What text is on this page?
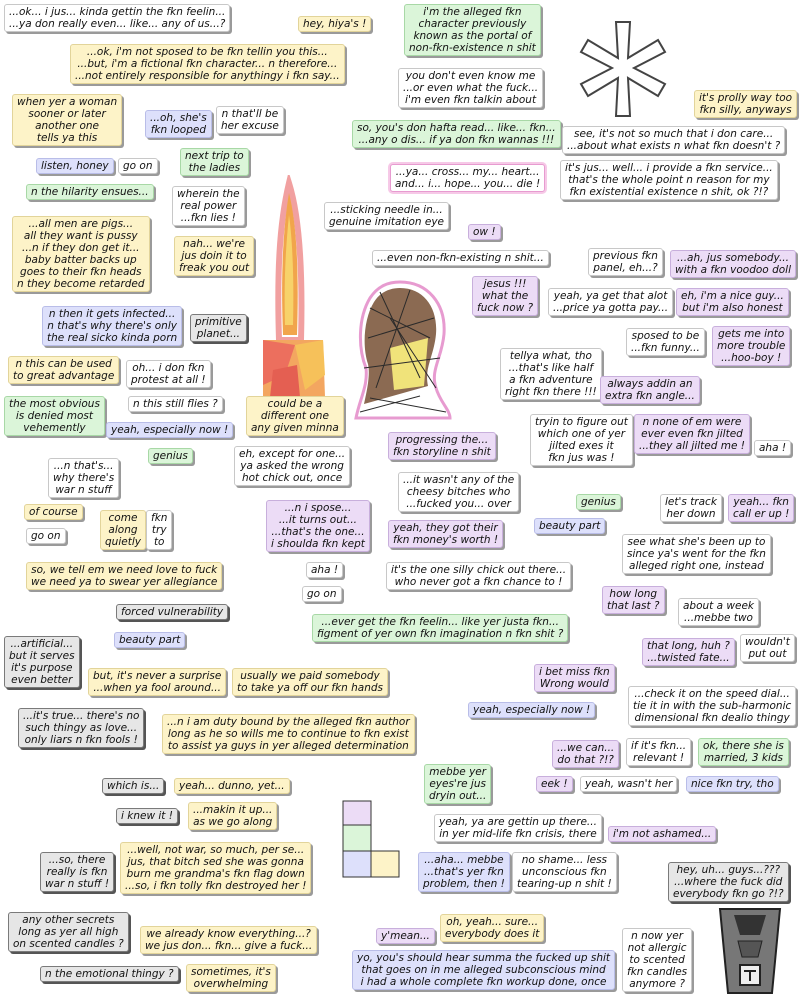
...ok... i jus... kinda gettin the fkn feelin...
...ya don really even... like... any of us...?	hey, hiya's !
...ok, i'm not sposed to be fkn tellin you this...
...but, i'm a fictional fkn character... n therefore...
...not entirely responsible for anythingy i fkn say...
i'm the alleged fkn
character previously
known as the portal of
non-fkn-existence n shit
you don't even know me
...or even what the fuck...
i'm even fkn talkin about
so, you's don hafta read... like... fkn...
...any o dis... if ya don fkn wannas !!!
it's prolly way too
fkn silly, anyways
see, it's not so much that i don care...
...about what exists n what fkn doesn't ?
it's jus... well... i provide a fkn service...
that's the whole point n reason for my
fkn existential existence n shit, ok ?!?
when yer a woman
sooner or later
another one
tells ya this
...oh, she's
fkn looped
n that'll be
her excuse
listen, honey	go on
next trip to
the ladies
n the hilarity ensues...	wherein the
real power
...fkn lies !
...ya... cross... my... heart...
and... i... hope... you... die !
...all men are pigs...
all they want is pussy
...n if they don get it...
baby batter backs up
goes to their fkn heads
n they become retarded
nah... we're
jus doin it to
freak you out
...sticking needle in...
genuine imitation eye
ow !
...even non-fkn-existing n shit...	previous fkn
panel, eh...?
...ah, jus somebody...
with a fkn voodoo doll
jesus !!!
what the
fuck now ?
yeah, ya get that alot
...price ya gotta pay...
eh, i'm a nice guy...
but i'm also honest
n then it gets infected...
n that's why there's only
the real sicko kinda porn
primitive
planet...	sposed to be
...fkn funny...
gets me into
more trouble
...hoo-boy !
n this can be used
to great advantage
oh... i don fkn
protest at all !
tellya what, tho
...that's like half
a fkn adventure
right fkn there !!!
always addin an
extra fkn angle...
the most obvious
is denied most
vehemently
n this still flies ?	could be a
different one
any given minna
yeah, especially now !
progressing the...
fkn storyline n shit
tryin to figure out
which one of yer
jilted exes it
fkn jus was !
n none of em were
ever even fkn jilted
...they all jilted me !	aha !
genius	eh, except for one...
ya asked the wrong
hot chick out, once
...n that's...
why there's
war n stuff
...it wasn't any of the
cheesy bitches who
...fucked you... over	genius	let's track
her down
yeah... fkn
call er up !
of course	come
along
quietly
fkn
try
to
...n i spose...
...it turns out...
...that's the one...
i shoulda fkn kept
beauty part
go on
yeah, they got their
fkn money's worth !	see what she's been up to
since ya's went for the fkn
alleged right one, instead
so, we tell em we need love to fuck
we need ya to swear yer allegiance
aha !	it's the one silly chick out there...
who never got a fkn chance to !
how long
that last ?	about a week
...mebbe two
forced vulnerability
go on
...ever get the fkn feelin... like yer justa fkn...
figment of yer own fkn imagination n fkn shit ?
beauty part	that long, huh ?
...twisted fate...
wouldn't
put out
...artificial...
but it serves
it's purpose
even better	but, it's never a surprise
...when ya fool around...
usually we paid somebody
to take ya off our fkn hands
i bet miss fkn
Wrong would
...check it on the speed dial...
tie it in with the sub-harmonic
dimensional fkn dealio thingy
...it's true... there's no
such thingy as love...
only liars n fkn fools !
...n i am duty bound by the alleged fkn author
long as he so wills me to continue to fkn exist
to assist ya guys in yer alleged determination
yeah, especially now !
...we can...
do that ?!?
if it's fkn...
relevant !
ok, there she is
married, 3 kids
which is...	yeah... dunno, yet...
mebbe yer
eyes're jus
dryin out...
eek !	yeah, wasn't her	nice fkn try, tho
i knew it !	...makin it up...
as we go along	yeah, ya are gettin up there...
in yer mid-life fkn crisis, there	i'm not ashamed...
...so, there
really is fkn
war n stuff !
...well, not war, so much, per se...
jus, that bitch sed she was gonna
burn me grandma's fkn flag down
...so, i fkn tolly fkn destroyed her !
...aha... mebbe
...that's yer fkn
problem, then !
no shame... less
unconscious fkn
tearing-up n shit !
hey, uh... guys...???
...where the fuck did
everybody fkn go ?!?
any other secrets
long as yer all high
on scented candles ?
we already know everything...?
we jus don... fkn... give a fuck...
y'mean...
oh, yeah... sure...
everybody does it	n now yer
not allergic
to scented
fkn candles
anymore ?
n the emotional thingy ?	sometimes, it's
overwhelming
yo, you's should hear summa the fucked up shit
that goes on in me alleged subconscious mind
i had a whole complete fkn workup done, once
